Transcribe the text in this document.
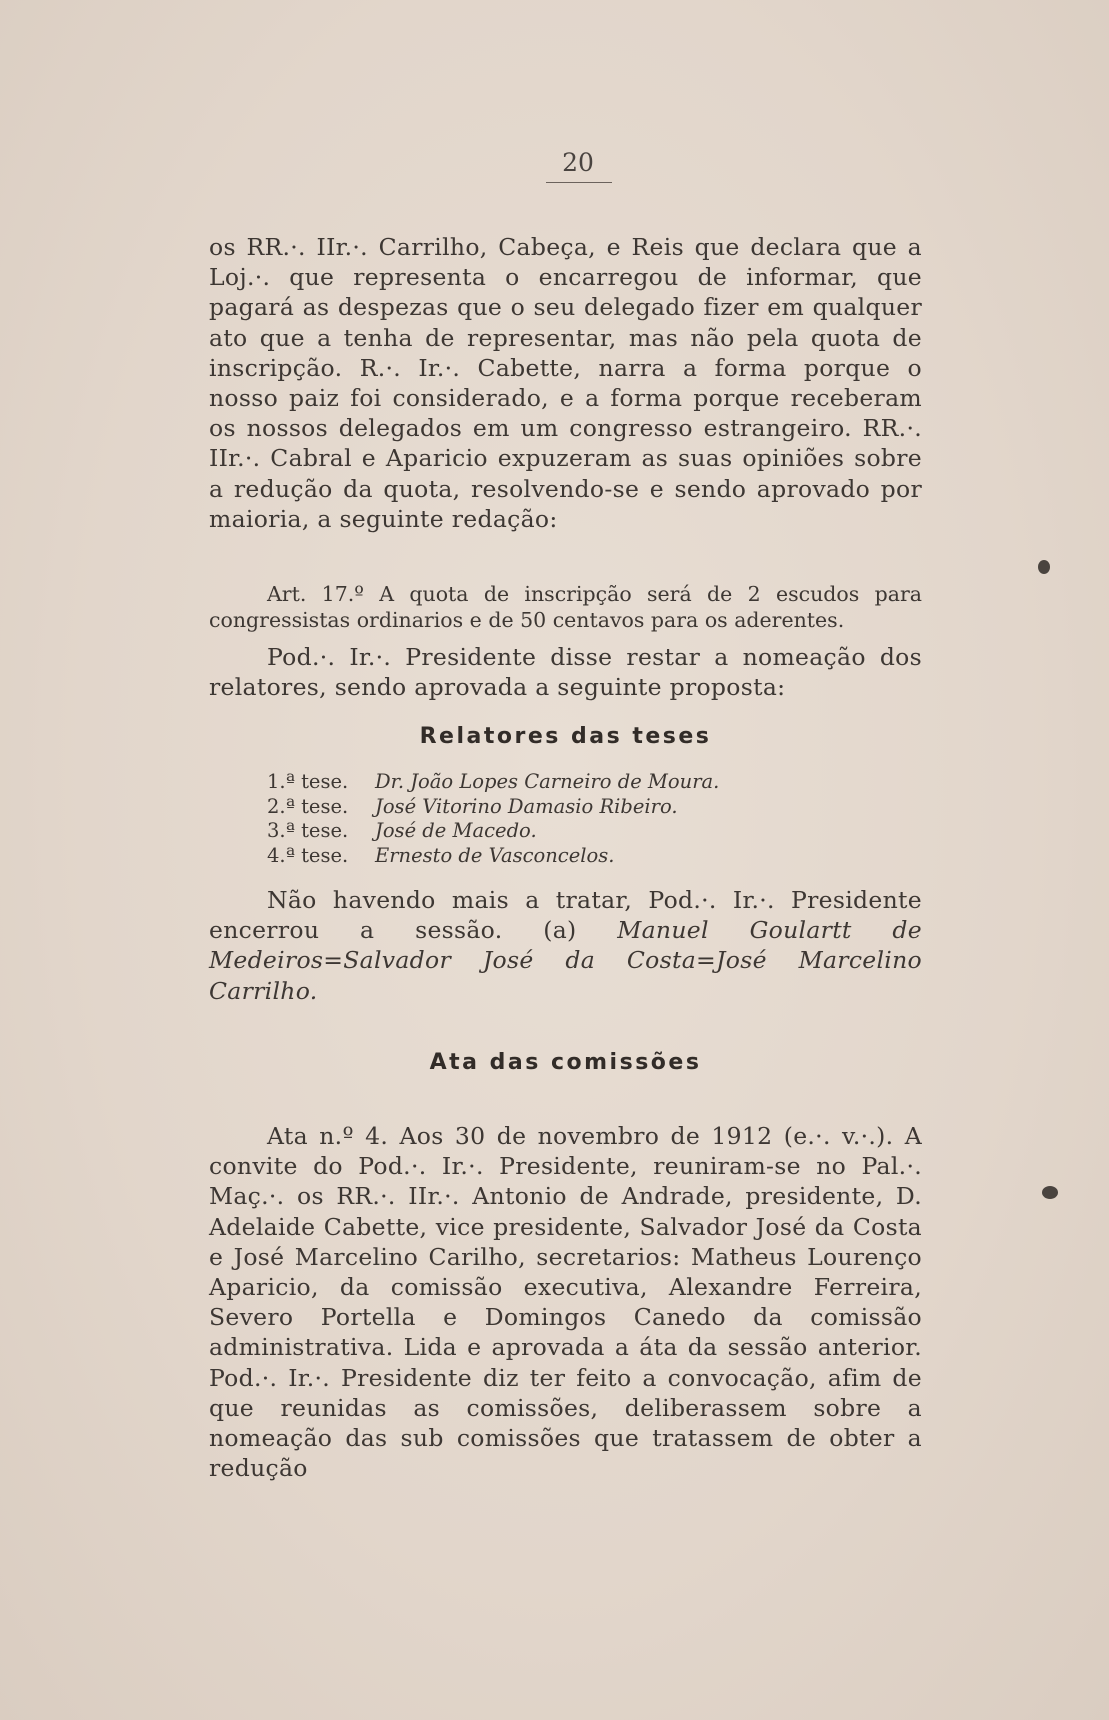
20

os RR.·. IIr.·. Carrilho, Cabeça, e Reis que declara que a Loj.·. que representa o encarregou de informar, que pagará as despezas que o seu delegado fizer em qualquer ato que a tenha de representar, mas não pela quota de inscripção. R.·. Ir.·. Cabette, narra a forma porque o nosso paiz foi considerado, e a forma porque receberam os nossos delegados em um congresso estrangeiro. RR.·. IIr.·. Cabral e Aparicio expuzeram as suas opiniões sobre a redução da quota, resolvendo-se e sendo aprovado por maioria, a seguinte redação:

Art. 17.º A quota de inscripção será de 2 escudos para congressistas ordinarios e de 50 centavos para os aderentes.

Pod.·. Ir.·. Presidente disse restar a nomeação dos relatores, sendo aprovada a seguinte proposta:

Relatores das teses
1.ª tese. Dr. João Lopes Carneiro de Moura.
2.ª tese. José Vitorino Damasio Ribeiro.
3.ª tese. José de Macedo.
4.ª tese. Ernesto de Vasconcelos.

Não havendo mais a tratar, Pod.·. Ir.·. Presidente encerrou a sessão. (a) Manuel Goulartt de Medeiros=Salvador José da Costa=José Marcelino Carrilho.

Ata das comissões

Ata n.º 4. Aos 30 de novembro de 1912 (e.·. v.·.). A convite do Pod.·. Ir.·. Presidente, reuniram-se no Pal.·. Maç.·. os RR.·. IIr.·. Antonio de Andrade, presidente, D. Adelaide Cabette, vice presidente, Salvador José da Costa e José Marcelino Carilho, secretarios: Matheus Lourenço Aparicio, da comissão executiva, Alexandre Ferreira, Severo Portella e Domingos Canedo da comissão administrativa. Lida e aprovada a áta da sessão anterior. Pod.·. Ir.·. Presidente diz ter feito a convocação, afim de que reunidas as comissões, deliberassem sobre a nomeação das sub comissões que tratassem de obter a redução
